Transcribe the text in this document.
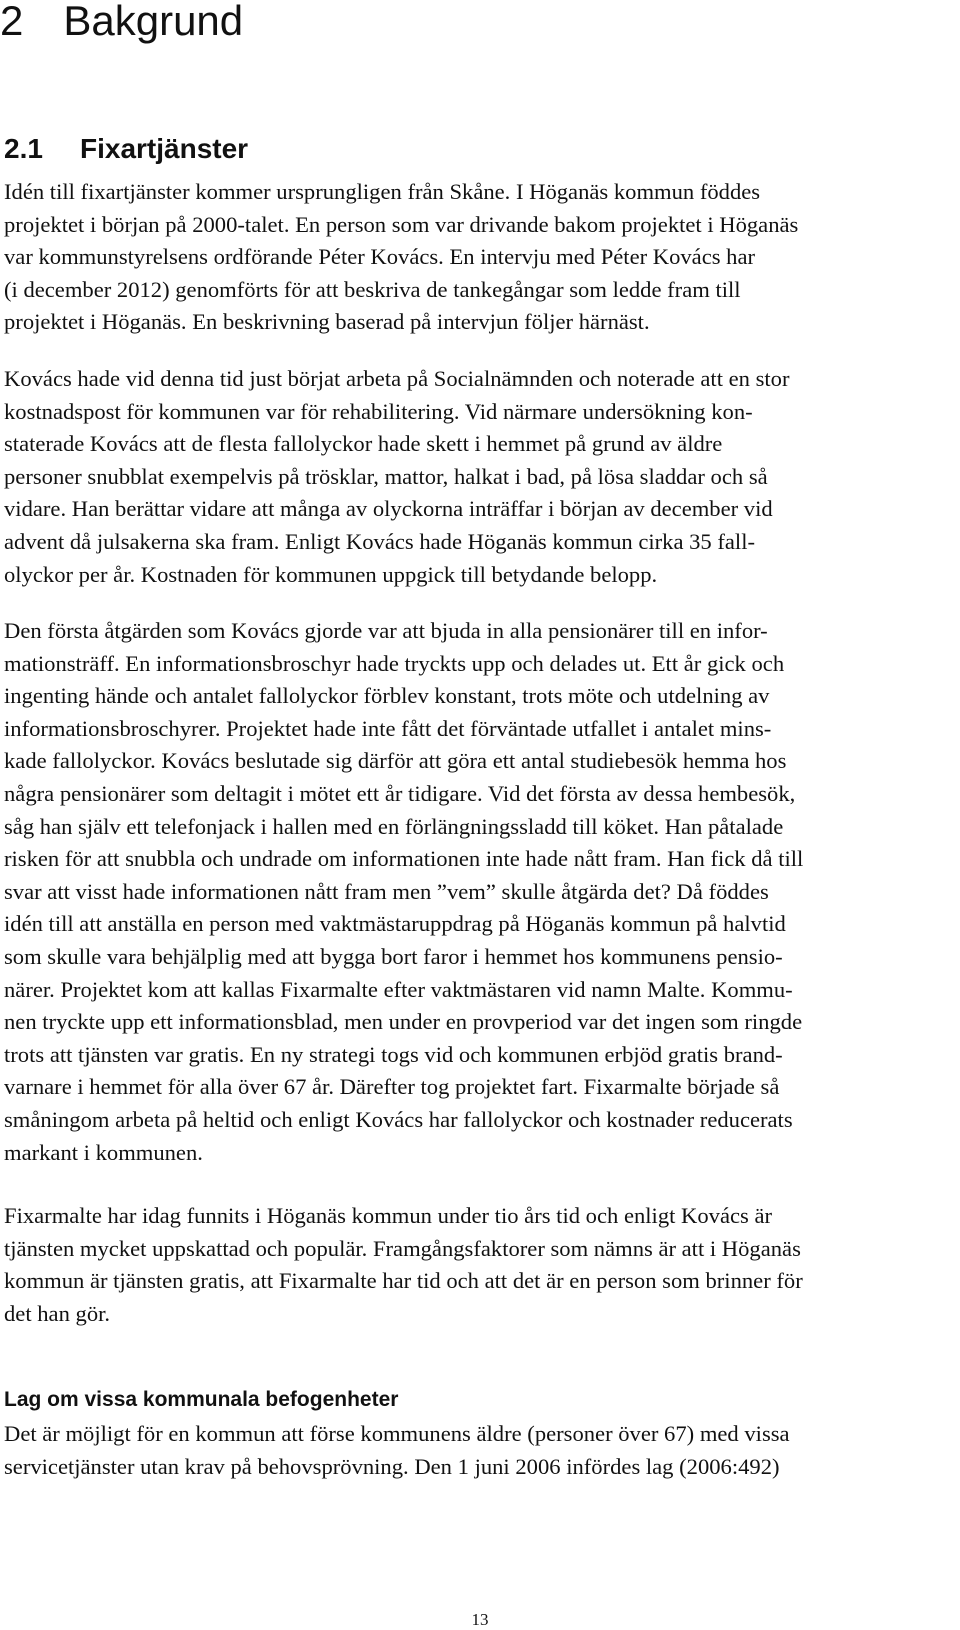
2 Bakgrund
2.1 Fixartjänster

Idén till fixartjänster kommer ursprungligen från Skåne. I Höganäs kommun föddes
projektet i början på 2000-talet. En person som var drivande bakom projektet i Höganäs
var kommunstyrelsens ordförande Péter Kovács. En intervju med Péter Kovács har
(i december 2012) genomförts för att beskriva de tankegångar som ledde fram till
projektet i Höganäs. En beskrivning baserad på intervjun följer härnäst.

Kovács hade vid denna tid just börjat arbeta på Socialnämnden och noterade att en stor
kostnadspost för kommunen var för rehabilitering. Vid närmare undersökning kon-
staterade Kovács att de flesta fallolyckor hade skett i hemmet på grund av äldre
personer snubblat exempelvis på trösklar, mattor, halkat i bad, på lösa sladdar och så
vidare. Han berättar vidare att många av olyckorna inträffar i början av december vid
advent då julsakerna ska fram. Enligt Kovács hade Höganäs kommun cirka 35 fall-
olyckor per år. Kostnaden för kommunen uppgick till betydande belopp.

Den första åtgärden som Kovács gjorde var att bjuda in alla pensionärer till en infor-
mationsträff. En informationsbroschyr hade tryckts upp och delades ut. Ett år gick och
ingenting hände och antalet fallolyckor förblev konstant, trots möte och utdelning av
informationsbroschyrer. Projektet hade inte fått det förväntade utfallet i antalet mins-
kade fallolyckor. Kovács beslutade sig därför att göra ett antal studiebesök hemma hos
några pensionärer som deltagit i mötet ett år tidigare. Vid det första av dessa hembesök,
såg han själv ett telefonjack i hallen med en förlängningssladd till köket. Han påtalade
risken för att snubbla och undrade om informationen inte hade nått fram. Han fick då till
svar att visst hade informationen nått fram men ”vem” skulle åtgärda det? Då föddes
idén till att anställa en person med vaktmästaruppdrag på Höganäs kommun på halvtid
som skulle vara behjälplig med att bygga bort faror i hemmet hos kommunens pensio-
närer. Projektet kom att kallas Fixarmalte efter vaktmästaren vid namn Malte. Kommu-
nen tryckte upp ett informationsblad, men under en provperiod var det ingen som ringde
trots att tjänsten var gratis. En ny strategi togs vid och kommunen erbjöd gratis brand-
varnare i hemmet för alla över 67 år. Därefter tog projektet fart. Fixarmalte började så
småningom arbeta på heltid och enligt Kovács har fallolyckor och kostnader reducerats
markant i kommunen.

Fixarmalte har idag funnits i Höganäs kommun under tio års tid och enligt Kovács är
tjänsten mycket uppskattad och populär. Framgångsfaktorer som nämns är att i Höganäs
kommun är tjänsten gratis, att Fixarmalte har tid och att det är en person som brinner för
det han gör.

Lag om vissa kommunala befogenheter

Det är möjligt för en kommun att förse kommunens äldre (personer över 67) med vissa
servicetjänster utan krav på behovsprövning. Den 1 juni 2006 infördes lag (2006:492)

13
